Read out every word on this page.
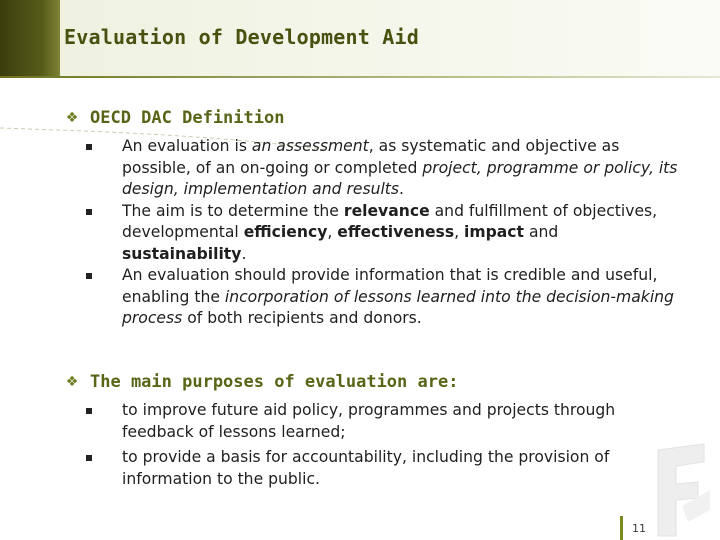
Evaluation of Development Aid
❖ OECD DAC Definition
An evaluation is an assessment, as systematic and objective as possible, of an on-going or completed project, programme or policy, its design, implementation and results.
The aim is to determine the relevance and fulfillment of objectives, developmental efficiency, effectiveness, impact and sustainability.
An evaluation should provide information that is credible and useful, enabling the incorporation of lessons learned into the decision-making process of both recipients and donors.
❖ The main purposes of evaluation are:
to improve future aid policy, programmes and projects through feedback of lessons learned;
to provide a basis for accountability, including the provision of information to the public.
11
